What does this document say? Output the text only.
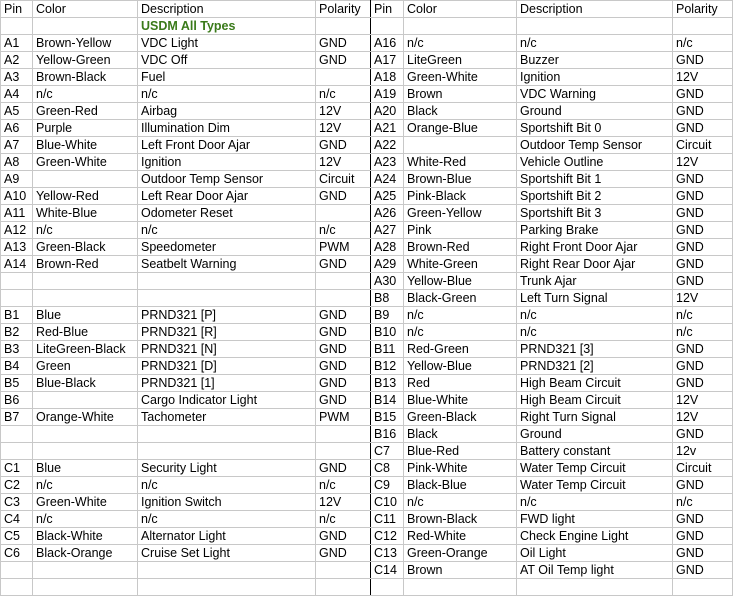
Pin	Color	Description	Polarity	Pin	Color	Description	Polarity
		USDM All Types					
A1	Brown-Yellow	VDC Light	GND	A16	n/c	n/c	n/c
A2	Yellow-Green	VDC Off	GND	A17	LiteGreen	Buzzer	GND
A3	Brown-Black	Fuel		A18	Green-White	Ignition	12V
A4	n/c	n/c	n/c	A19	Brown	VDC Warning	GND
A5	Green-Red	Airbag	12V	A20	Black	Ground	GND
A6	Purple	Illumination Dim	12V	A21	Orange-Blue	Sportshift Bit 0	GND
A7	Blue-White	Left Front Door Ajar	GND	A22		Outdoor Temp Sensor	Circuit
A8	Green-White	Ignition	12V	A23	White-Red	Vehicle Outline	12V
A9		Outdoor Temp Sensor	Circuit	A24	Brown-Blue	Sportshift Bit 1	GND
A10	Yellow-Red	Left Rear Door Ajar	GND	A25	Pink-Black	Sportshift Bit 2	GND
A11	White-Blue	Odometer Reset		A26	Green-Yellow	Sportshift Bit 3	GND
A12	n/c	n/c	n/c	A27	Pink	Parking Brake	GND
A13	Green-Black	Speedometer	PWM	A28	Brown-Red	Right Front Door Ajar	GND
A14	Brown-Red	Seatbelt Warning	GND	A29	White-Green	Right Rear Door Ajar	GND
				A30	Yellow-Blue	Trunk Ajar	GND
				B8	Black-Green	Left Turn Signal	12V
B1	Blue	PRND321 [P]	GND	B9	n/c	n/c	n/c
B2	Red-Blue	PRND321 [R]	GND	B10	n/c	n/c	n/c
B3	LiteGreen-Black	PRND321 [N]	GND	B11	Red-Green	PRND321 [3]	GND
B4	Green	PRND321 [D]	GND	B12	Yellow-Blue	PRND321 [2]	GND
B5	Blue-Black	PRND321 [1]	GND	B13	Red	High Beam Circuit	GND
B6		Cargo Indicator Light	GND	B14	Blue-White	High Beam Circuit	12V
B7	Orange-White	Tachometer	PWM	B15	Green-Black	Right Turn Signal	12V
				B16	Black	Ground	GND
				C7	Blue-Red	Battery constant	12v
C1	Blue	Security Light	GND	C8	Pink-White	Water Temp Circuit	Circuit
C2	n/c	n/c	n/c	C9	Black-Blue	Water Temp Circuit	GND
C3	Green-White	Ignition Switch	12V	C10	n/c	n/c	n/c
C4	n/c	n/c	n/c	C11	Brown-Black	FWD light	GND
C5	Black-White	Alternator Light	GND	C12	Red-White	Check Engine Light	GND
C6	Black-Orange	Cruise Set Light	GND	C13	Green-Orange	Oil Light	GND
				C14	Brown	AT Oil Temp light	GND
